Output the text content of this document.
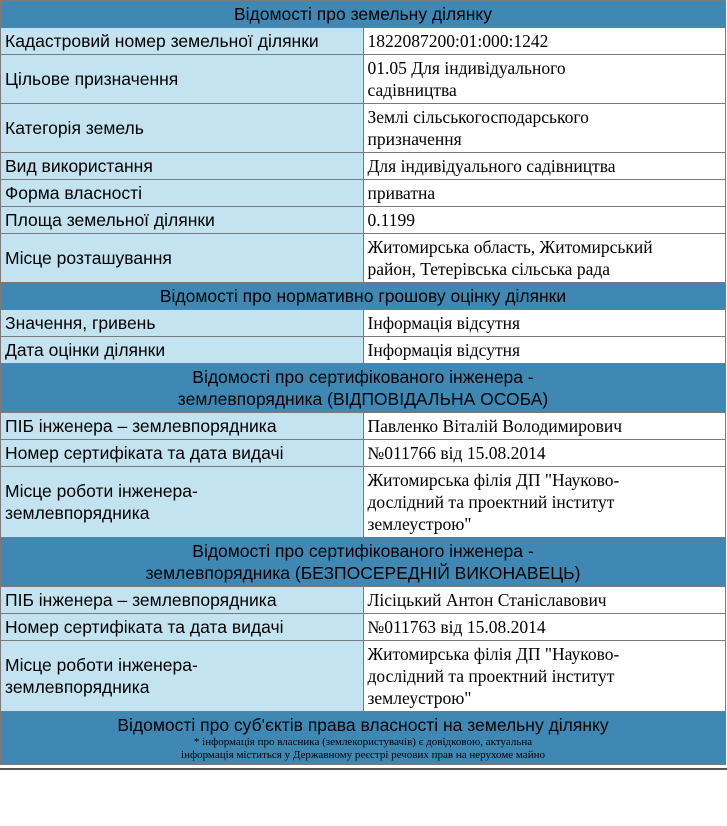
Відомості про земельну ділянку	
Кадастровий номер земельної ділянки	1822087200:01:000:1242
Цільове призначення	01.05 Для індивідуального
садівництва
Категорія земель	Землі сільськогосподарського
призначення
Вид використання	Для індивідуального садівництва
Форма власності	приватна
Площа земельної ділянки	0.1199
Місце розташування	Житомирська область, Житомирський
район, Тетерівська сільська рада
Відомості про нормативно грошову оцінку ділянки	
Значення, гривень	Інформація відсутня
Дата оцінки ділянки	Інформація відсутня

Відомості про сертифікованого інженера -
землевпорядника (ВІДПОВІДАЛЬНА ОСОБА)	

ПІБ інженера – землевпорядника	Павленко Віталій Володимирович
Номер сертифіката та дата видачі	№011766 від 15.08.2014
Місце роботи інженера-
землевпорядника	Житомирська філія ДП "Науково-
дослідний та проектний інститут
землеустрою"

Відомості про сертифікованого інженера -
землевпорядника (БЕЗПОСЕРЕДНІЙ ВИКОНАВЕЦЬ)	

ПІБ інженера – землевпорядника	Лісіцький Антон Станіславович
Номер сертифіката та дата видачі	№011763 від 15.08.2014
Місце роботи інженера-
землевпорядника	Житомирська філія ДП "Науково-
дослідний та проектний інститут
землеустрою"

Відомості про суб'єктів права власності на земельну ділянку
* інформація про власника (землекористувачів) є довідковою, актуальна
інформація міститься у Державному реєстрі речових прав на нерухоме майно	
